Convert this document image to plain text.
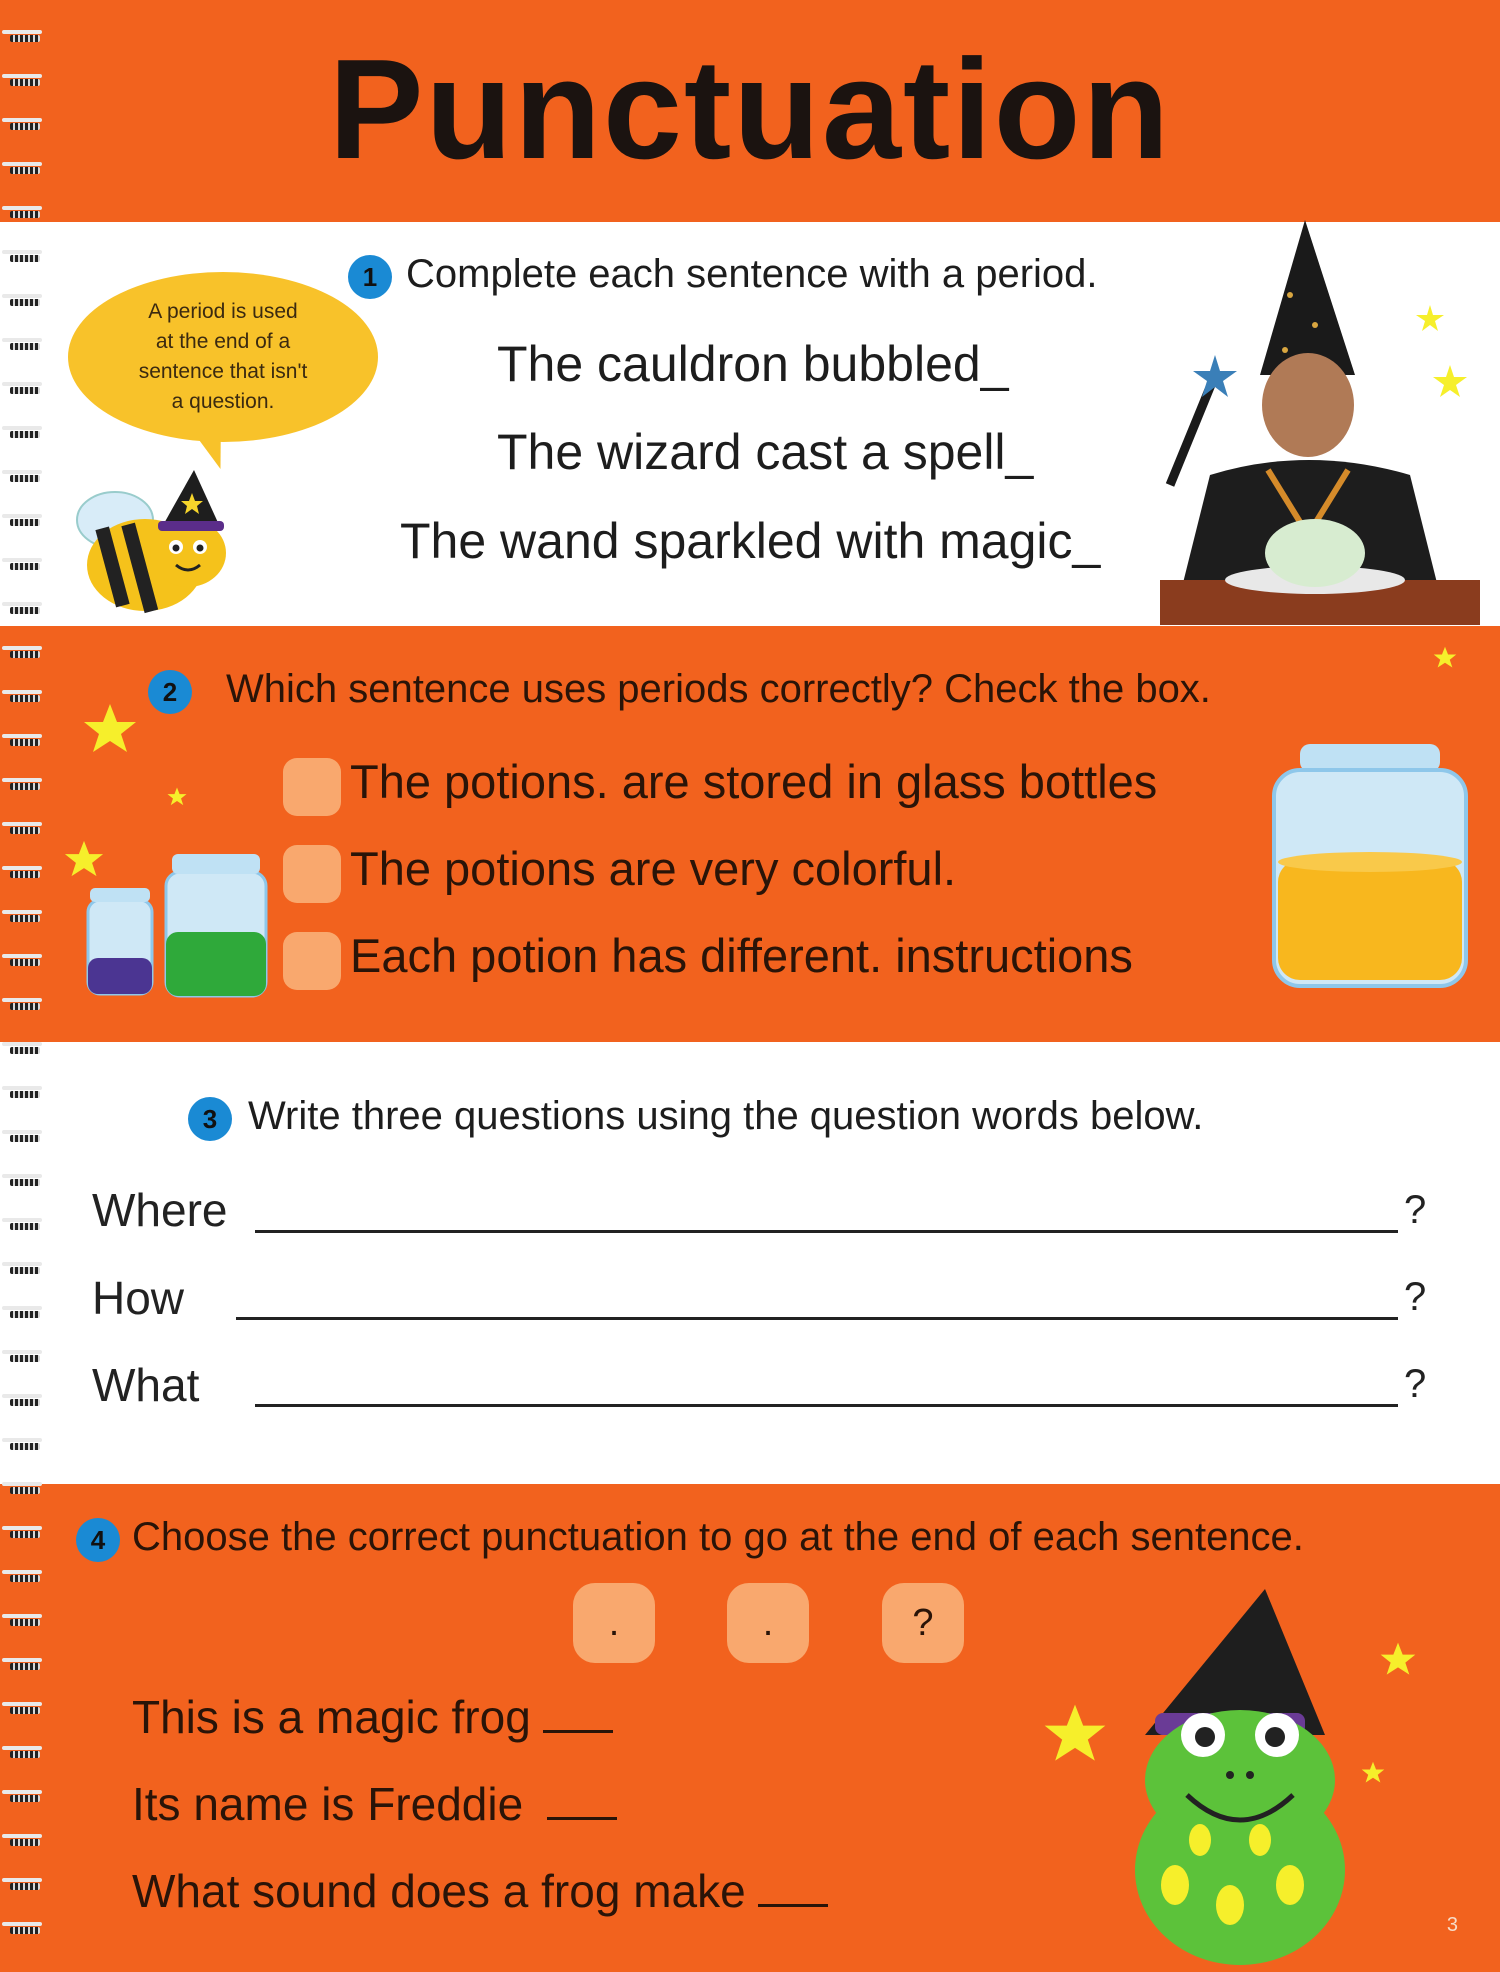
Punctuation
1 Complete each sentence with a period.
A period is used
at the end of a
sentence that isn't
a question.
The cauldron bubbled_
The wizard cast a spell_
The wand sparkled with magic_
2	Which sentence uses periods correctly? Check the box.
The potions. are stored in glass bottles
The potions are very colorful.
Each potion has different. instructions
3 Write three questions using the question words below.
Where	?
How	?
What	?
4 Choose the correct punctuation to go at the end of each sentence.
.	.	?
This is a magic frog
Its name is Freddie
What sound does a frog make
3
